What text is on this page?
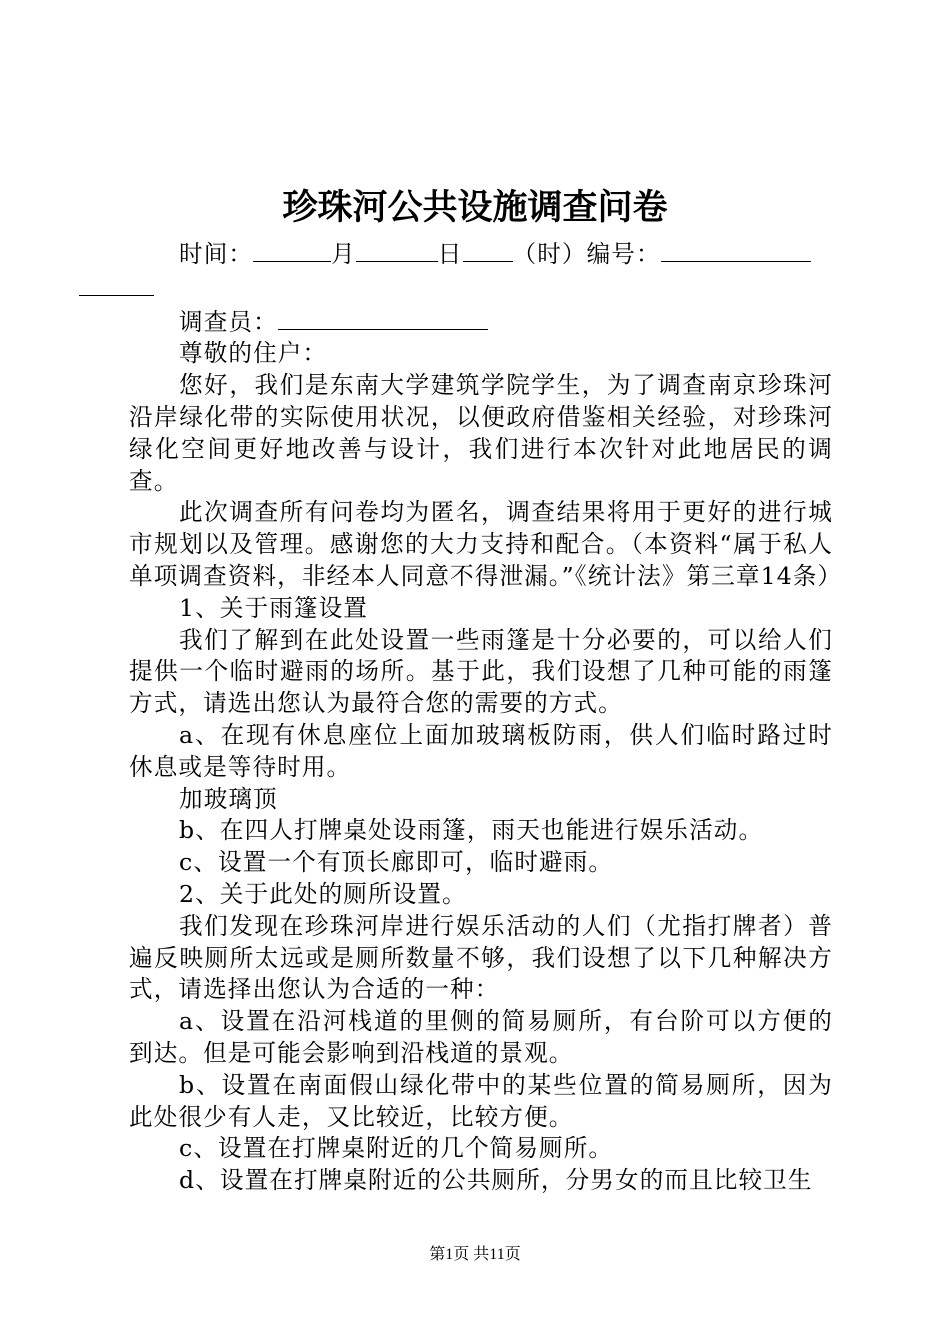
珍珠河公共设施调查问卷

时间：	月	日 （时）编号：

调查员：

尊敬的住户：

您好，我们是东南大学建筑学院学生，为了调查南京珍珠河沿岸绿化带的实际使用状况，以便政府借鉴相关经验，对珍珠河绿化空间更好地改善与设计，我们进行本次针对此地居民的调查。

此次调查所有问卷均为匿名，调查结果将用于更好的进行城市规划以及管理。感谢您的大力支持和配合。（本资料“属于私人单项调查资料，非经本人同意不得泄漏。”《统计法》第三章14条）

1、关于雨篷设置

我们了解到在此处设置一些雨篷是十分必要的，可以给人们提供一个临时避雨的场所。基于此，我们设想了几种可能的雨篷方式，请选出您认为最符合您的需要的方式。

a、在现有休息座位上面加玻璃板防雨，供人们临时路过时休息或是等待时用。

加玻璃顶

b、在四人打牌桌处设雨篷，雨天也能进行娱乐活动。

c、设置一个有顶长廊即可，临时避雨。

2、关于此处的厕所设置。

我们发现在珍珠河岸进行娱乐活动的人们（尤指打牌者）普遍反映厕所太远或是厕所数量不够，我们设想了以下几种解决方式，请选择出您认为合适的一种：

a、设置在沿河栈道的里侧的简易厕所，有台阶可以方便的到达。但是可能会影响到沿栈道的景观。

b、设置在南面假山绿化带中的某些位置的简易厕所，因为此处很少有人走，又比较近，比较方便。

c、设置在打牌桌附近的几个简易厕所。

d、设置在打牌桌附近的公共厕所，分男女的而且比较卫生

第1页 共11页
